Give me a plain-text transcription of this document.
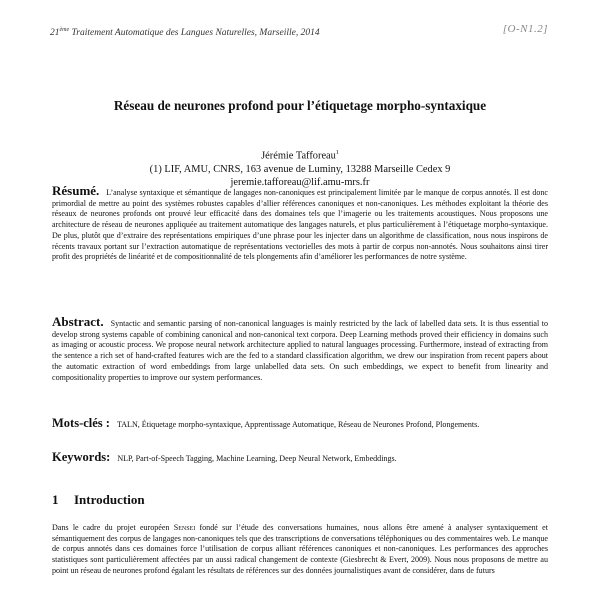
21ème Traitement Automatique des Langues Naturelles, Marseille, 2014	[O-N1.2]
Réseau de neurones profond pour l’étiquetage morpho-syntaxique
Jérémie Tafforeau$^1$
(1) LIF, AMU, CNRS, 163 avenue de Luminy, 13288 Marseille Cedex 9
jeremie.tafforeau@lif.amu-mrs.fr
Résumé. L’analyse syntaxique et sémantique de langages non-canoniques est principalement limitée par le manque de corpus annotés. Il est donc primordial de mettre au point des systèmes robustes capables d’allier références canoniques et non-canoniques. Les méthodes exploitant la théorie des réseaux de neurones profonds ont prouvé leur efficacité dans des domaines tels que l’imagerie ou les traitements acoustiques. Nous proposons une architecture de réseau de neurones appliquée au traitement automatique des langages naturels, et plus particulièrement à l’étiquetage morpho-syntaxique. De plus, plutôt que d’extraire des représentations empiriques d’une phrase pour les injecter dans un algorithme de classification, nous nous inspirons de récents travaux portant sur l’extraction automatique de représentations vectorielles des mots à partir de corpus non-annotés. Nous souhaitons ainsi tirer profit des propriétés de linéarité et de compositionnalité de tels plongements afin d’améliorer les performances de notre système.
Abstract. Syntactic and semantic parsing of non-canonical languages is mainly restricted by the lack of labelled data sets. It is thus essential to develop strong systems capable of combining canonical and non-canonical text corpora. Deep Learning methods proved their efficiency in domains such as imaging or acoustic process. We propose neural network architecture applied to natural languages processing. Furthermore, instead of extracting from the sentence a rich set of hand-crafted features wich are the fed to a standard classification algorithm, we drew our inspiration from recent papers about the automatic extraction of word embeddings from large unlabelled data sets. On such embeddings, we expect to benefit from linearity and compositionality properties to improve our system performances.
Mots-clés : TALN, Étiquetage morpho-syntaxique, Apprentissage Automatique, Réseau de Neurones Profond, Plongements.
Keywords: NLP, Part-of-Speech Tagging, Machine Learning, Deep Neural Network, Embeddings.
1 Introduction
Dans le cadre du projet européen Sensei fondé sur l’étude des conversations humaines, nous allons être amené à analyser syntaxiquement et sémantiquement des corpus de langages non-canoniques tels que des transcriptions de conversations téléphoniques ou des commentaires web. Le manque de corpus annotés dans ces domaines force l’utilisation de corpus alliant références canoniques et non-canoniques. Les performances des approches statistiques sont particulièrement affectées par un aussi radical changement de contexte (Giesbrecht & Evert, 2009). Nous nous proposons de mettre au point un réseau de neurones profond égalant les résultats de références sur des données journalistiques avant de considérer, dans de futurs
